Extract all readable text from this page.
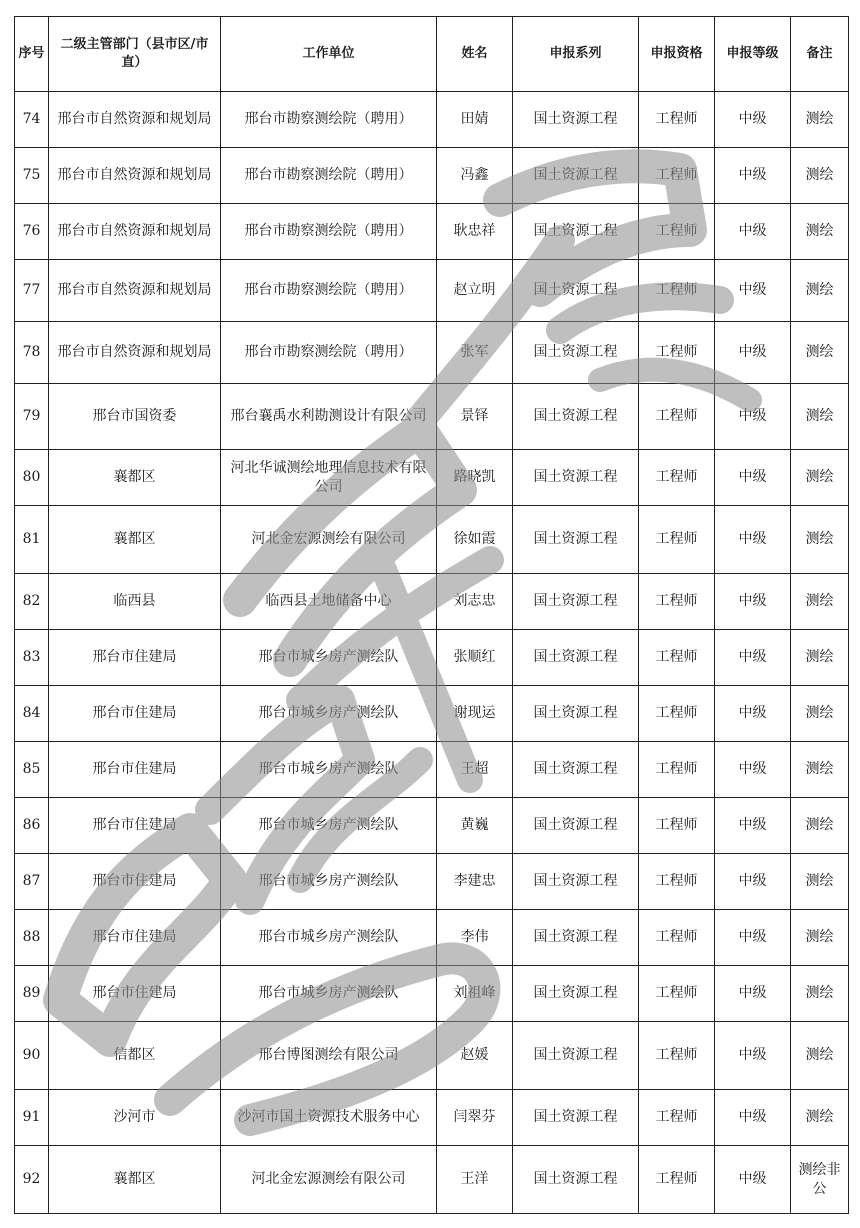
序号	二级主管部门（县市区/市直）	工作单位	姓名	申报系列	申报资格	申报等级	备注
74	邢台市自然资源和规划局	邢台市勘察测绘院（聘用）	田婧	国土资源工程	工程师	中级	测绘
75	邢台市自然资源和规划局	邢台市勘察测绘院（聘用）	冯鑫	国土资源工程	工程师	中级	测绘
76	邢台市自然资源和规划局	邢台市勘察测绘院（聘用）	耿忠祥	国土资源工程	工程师	中级	测绘
77	邢台市自然资源和规划局	邢台市勘察测绘院（聘用）	赵立明	国土资源工程	工程师	中级	测绘
78	邢台市自然资源和规划局	邢台市勘察测绘院（聘用）	张军	国土资源工程	工程师	中级	测绘
79	邢台市国资委	邢台襄禹水利勘测设计有限公司	景铎	国土资源工程	工程师	中级	测绘
80	襄都区	河北华诚测绘地理信息技术有限公司	路晓凯	国土资源工程	工程师	中级	测绘
81	襄都区	河北金宏源测绘有限公司	徐如霞	国土资源工程	工程师	中级	测绘
82	临西县	临西县土地储备中心	刘志忠	国土资源工程	工程师	中级	测绘
83	邢台市住建局	邢台市城乡房产测绘队	张顺红	国土资源工程	工程师	中级	测绘
84	邢台市住建局	邢台市城乡房产测绘队	谢现运	国土资源工程	工程师	中级	测绘
85	邢台市住建局	邢台市城乡房产测绘队	王超	国土资源工程	工程师	中级	测绘
86	邢台市住建局	邢台市城乡房产测绘队	黄巍	国土资源工程	工程师	中级	测绘
87	邢台市住建局	邢台市城乡房产测绘队	李建忠	国土资源工程	工程师	中级	测绘
88	邢台市住建局	邢台市城乡房产测绘队	李伟	国土资源工程	工程师	中级	测绘
89	邢台市住建局	邢台市城乡房产测绘队	刘祖峰	国土资源工程	工程师	中级	测绘
90	信都区	邢台博图测绘有限公司	赵媛	国土资源工程	工程师	中级	测绘
91	沙河市	沙河市国土资源技术服务中心	闫翠芬	国土资源工程	工程师	中级	测绘
92	襄都区	河北金宏源测绘有限公司	王洋	国土资源工程	工程师	中级	测绘非公
